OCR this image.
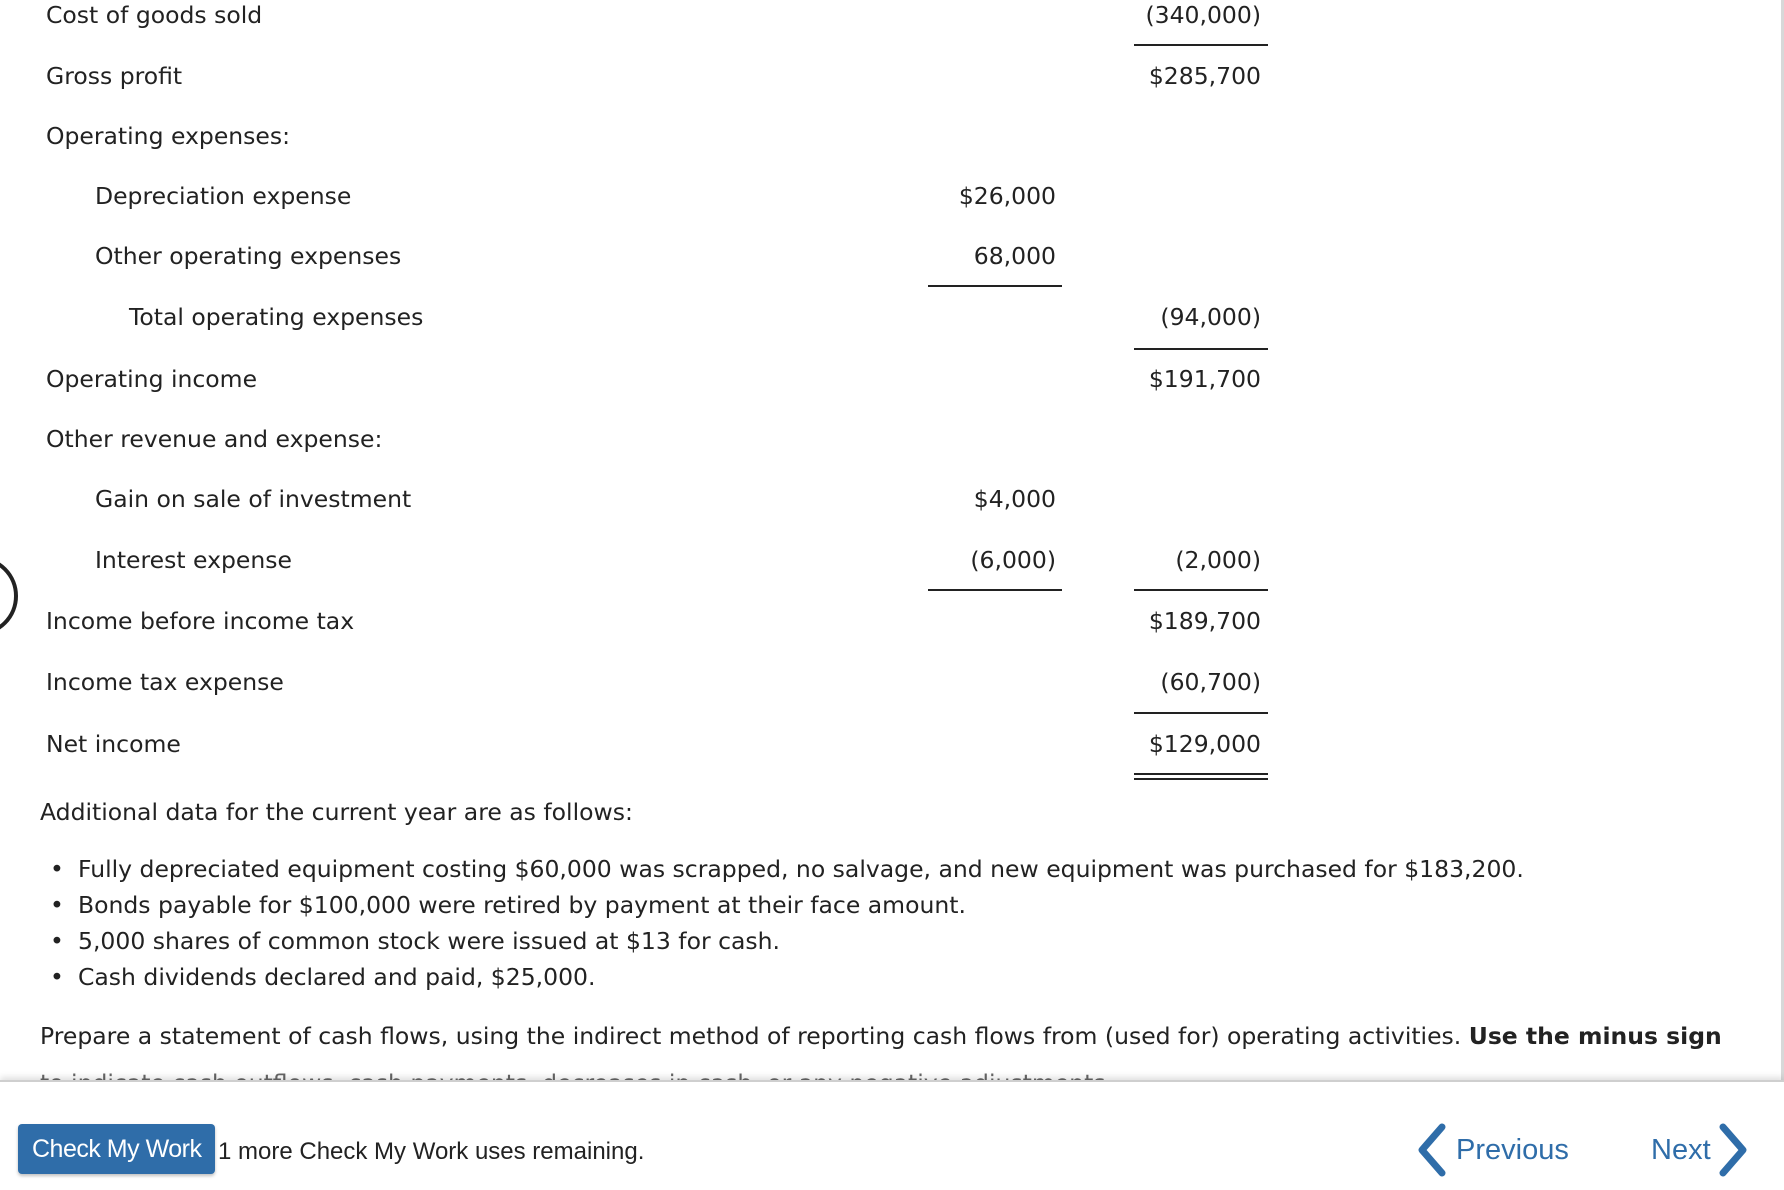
Cost of goods sold	(340,000)
Gross profit	$285,700
Operating expenses:
Depreciation expense	$26,000
Other operating expenses	68,000
Total operating expenses	(94,000)
Operating income	$191,700
Other revenue and expense:
Gain on sale of investment	$4,000
Interest expense	(6,000)	(2,000)
Income before income tax	$189,700
Income tax expense	(60,700)
Net income	$129,000
Additional data for the current year are as follows:
• Fully depreciated equipment costing $60,000 was scrapped, no salvage, and new equipment was purchased for $183,200.
• Bonds payable for $100,000 were retired by payment at their face amount.
• 5,000 shares of common stock were issued at $13 for cash.
• Cash dividends declared and paid, $25,000.
Prepare a statement of cash flows, using the indirect method of reporting cash flows from (used for) operating activities. Use the minus sign
Check My Work 1 more Check My Work uses remaining.	Previous	Next
